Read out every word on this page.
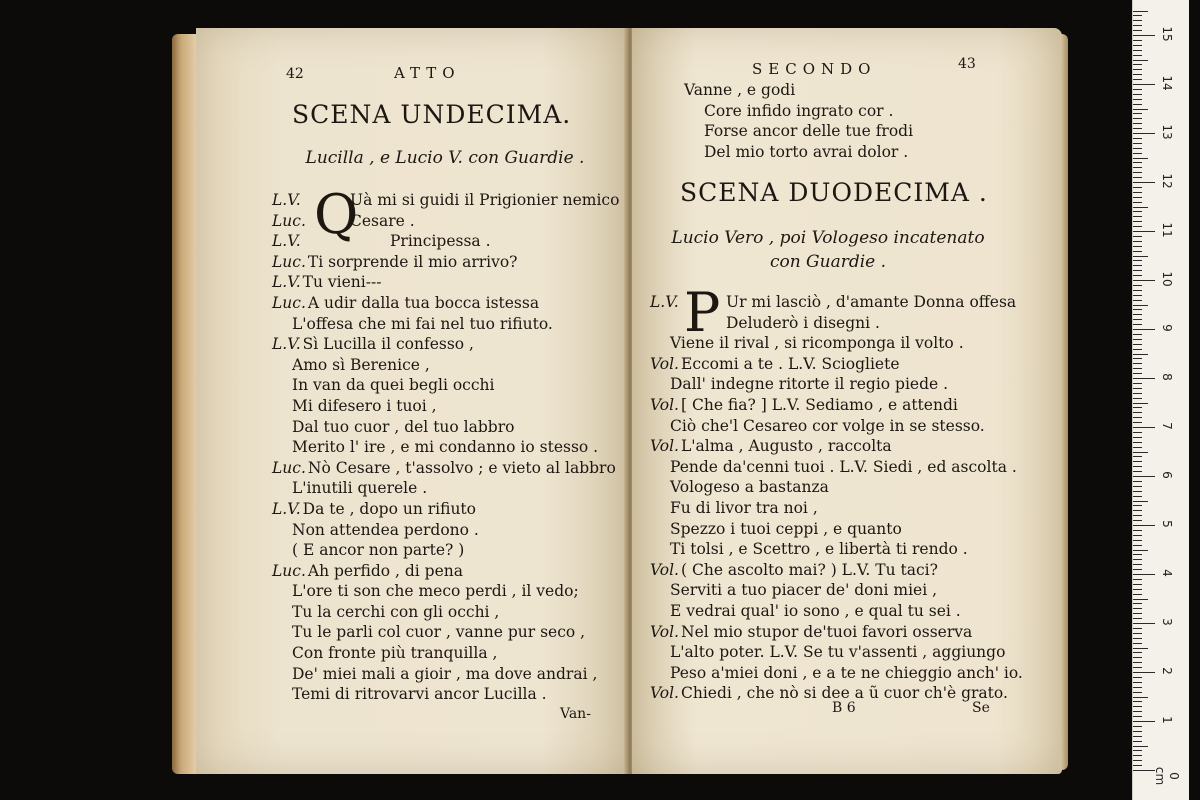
42	ATTO
SCENA UNDECIMA.
Lucilla , e Lucio V. con Guardie .
Q
L.V.	Uà mi si guidi il Prigionier nemico
Luc.	Cesare .
L.V.	Principessa .
Luc. Ti sorprende il mio arrivo?
L.V. Tu vieni---
Luc. A udir dalla tua bocca istessa
L'offesa che mi fai nel tuo rifiuto.
L.V. Sì Lucilla il confesso ,
Amo sì Berenice ,
In van da quei begli occhi
Mi difesero i tuoi ,
Dal tuo cuor , del tuo labbro
Merito l' ire , e mi condanno io stesso .
Luc. Nò Cesare , t'assolvo ; e vieto al labbro
L'inutili querele .
L.V. Da te , dopo un rifiuto
Non attendea perdono .
( E ancor non parte? )
Luc. Ah perfido , di pena
L'ore ti son che meco perdi , il vedo;
Tu la cerchi con gli occhi ,
Tu le parli col cuor , vanne pur seco ,
Con fronte più tranquilla ,
De' miei mali a gioir , ma dove andrai ,
Temi di ritrovarvi ancor Lucilla .
Van-
SECONDO	43
Vanne , e godi
Core infido ingrato cor .
Forse ancor delle tue frodi
Del mio torto avrai dolor .
SCENA DUODECIMA .
Lucio Vero , poi Vologeso incatenato
con Guardie .
P
L.V.	Ur mi lasciò , d'amante Donna offesa
Deluderò i disegni .
Viene il rival , si ricomponga il volto .
Vol. Eccomi a te . L.V. Sciogliete
Dall' indegne ritorte il regio piede .
Vol. [ Che fia? ] L.V. Sediamo , e attendi
Ciò che'l Cesareo cor volge in se stesso.
Vol. L'alma , Augusto , raccolta
Pende da'cenni tuoi . L.V. Siedi , ed ascolta .
Vologeso a bastanza
Fu di livor tra noi ,
Spezzo i tuoi ceppi , e quanto
Ti tolsi , e Scettro , e libertà ti rendo .
Vol. ( Che ascolto mai? ) L.V. Tu taci?
Serviti a tuo piacer de' doni miei ,
E vedrai qual' io sono , e qual tu sei .
Vol. Nel mio stupor de'tuoi favori osserva
L'alto poter. L.V. Se tu v'assenti , aggiungo
Peso a'miei doni , e a te ne chieggio anch' io.
Vol. Chiedi , che nò si dee a ũ cuor ch'è grato.
B 6	Se
0 cm
1
2
3
4
5
6
7
8
9
10
11
12
13
14
15
